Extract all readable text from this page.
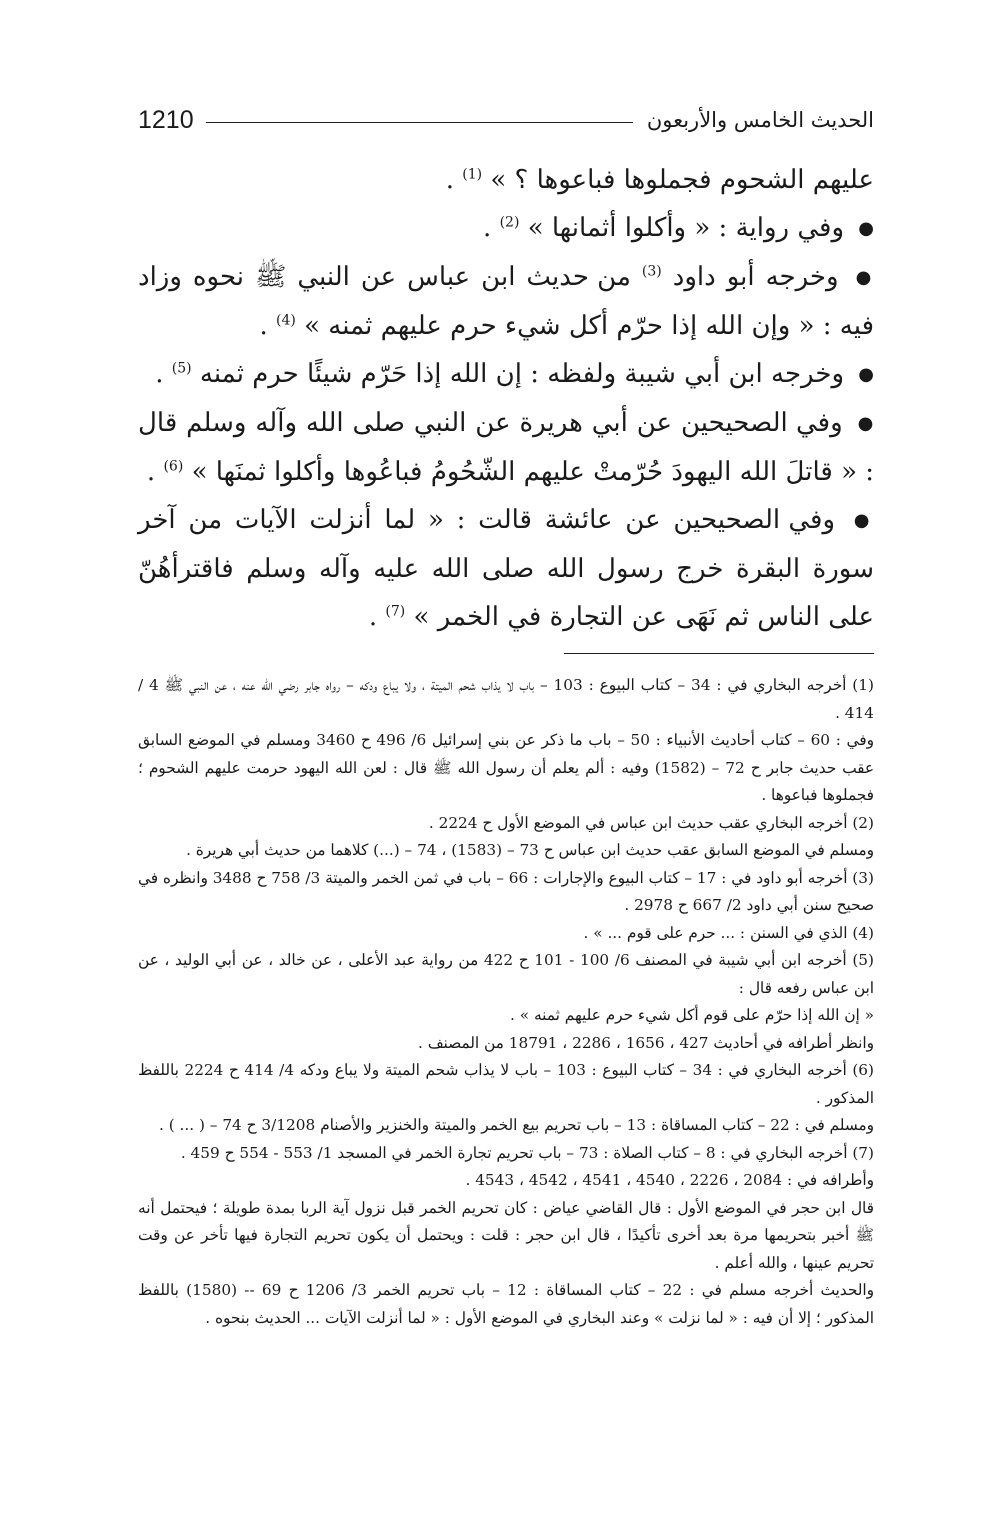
الحديث الخامس والأربعون
1210

عليهم الشحوم فجملوها فباعوها ؟ » $^{(1)}$ .

● وفي رواية : « وأكلوا أثمانها » $^{(2)}$ .

● وخرجه أبو داود $^{(3)}$ من حديث ابن عباس عن النبي ﷺ نحوه وزاد فيه : « وإن الله إذا حرّم أكل شيء حرم عليهم ثمنه » $^{(4)}$ .

● وخرجه ابن أبي شيبة ولفظه : إن الله إذا حَرّم شيئًا حرم ثمنه $^{(5)}$ .

● وفي الصحيحين عن أبي هريرة عن النبي صلى الله وآله وسلم قال : « قاتلَ الله اليهودَ حُرّمتْ عليهم الشّحُومُ فباعُوها وأكلوا ثمنَها » $^{(6)}$ .

● وفي الصحيحين عن عائشة قالت : « لما أنزلت الآيات من آخر سورة البقرة خرج رسول الله صلى الله عليه وآله وسلم فاقترأهُنّ على الناس ثم نَهَى عن التجارة في الخمر » $^{(7)}$ .

(1) أخرجه البخاري في : 34 – كتاب البيوع : 103 – باب لا يذاب شحم الميتة ، ولا يباع ودكه – رواه جابر رضي الله عنه ، عن النبي ﷺ 4 / 414 .

وفي : 60 – كتاب أحاديث الأنبياء : 50 – باب ما ذكر عن بني إسرائيل 6/ 496 ح 3460 ومسلم في الموضع السابق عقب حديث جابر ح 72 – (1582) وفيه : ألم يعلم أن رسول الله ﷺ قال : لعن الله اليهود حرمت عليهم الشحوم ؛ فجملوها فباعوها .

(2) أخرجه البخاري عقب حديث ابن عباس في الموضع الأول ح 2224 .

ومسلم في الموضع السابق عقب حديث ابن عباس ح 73 – (1583) ، 74 – (...) كلاهما من حديث أبي هريرة .

(3) أخرجه أبو داود في : 17 – كتاب البيوع والإجارات : 66 – باب في ثمن الخمر والميتة 3/ 758 ح 3488 وانظره في صحيح سنن أبي داود 2/ 667 ح 2978 .

(4) الذي في السنن : ... حرم على قوم ... » .

(5) أخرجه ابن أبي شيبة في المصنف 6/ 100 - 101 ح 422 من رواية عبد الأعلى ، عن خالد ، عن أبي الوليد ، عن ابن عباس رفعه قال :

« إن الله إذا حرّم على قوم أكل شيء حرم عليهم ثمنه » .

وانظر أطرافه في أحاديث 427 ، 1656 ، 2286 ، 18791 من المصنف .

(6) أخرجه البخاري في : 34 – كتاب البيوع : 103 – باب لا يذاب شحم الميتة ولا يباع ودكه 4/ 414 ح 2224 باللفظ المذكور .

ومسلم في : 22 – كتاب المساقاة : 13 – باب تحريم بيع الخمر والميتة والخنزير والأصنام 3/1208 ح 74 – ( ... ) .

(7) أخرجه البخاري في : 8 – كتاب الصلاة : 73 – باب تحريم تجارة الخمر في المسجد 1/ 553 - 554 ح 459 .

وأطرافه في : 2084 ، 2226 ، 4540 ، 4541 ، 4542 ، 4543 .

قال ابن حجر في الموضع الأول : قال القاضي عياض : كان تحريم الخمر قبل نزول آية الربا بمدة طويلة ؛ فيحتمل أنه ﷺ أخبر بتحريمها مرة بعد أخرى تأكيدًا ، قال ابن حجر : قلت : ويحتمل أن يكون تحريم التجارة فيها تأخر عن وقت تحريم عينها ، والله أعلم .

والحديث أخرجه مسلم في : 22 – كتاب المساقاة : 12 – باب تحريم الخمر 3/ 1206 ح 69 -- (1580) باللفظ المذكور ؛ إلا أن فيه : « لما نزلت » وعند البخاري في الموضع الأول : « لما أنزلت الآيات ... الحديث بنحوه .
